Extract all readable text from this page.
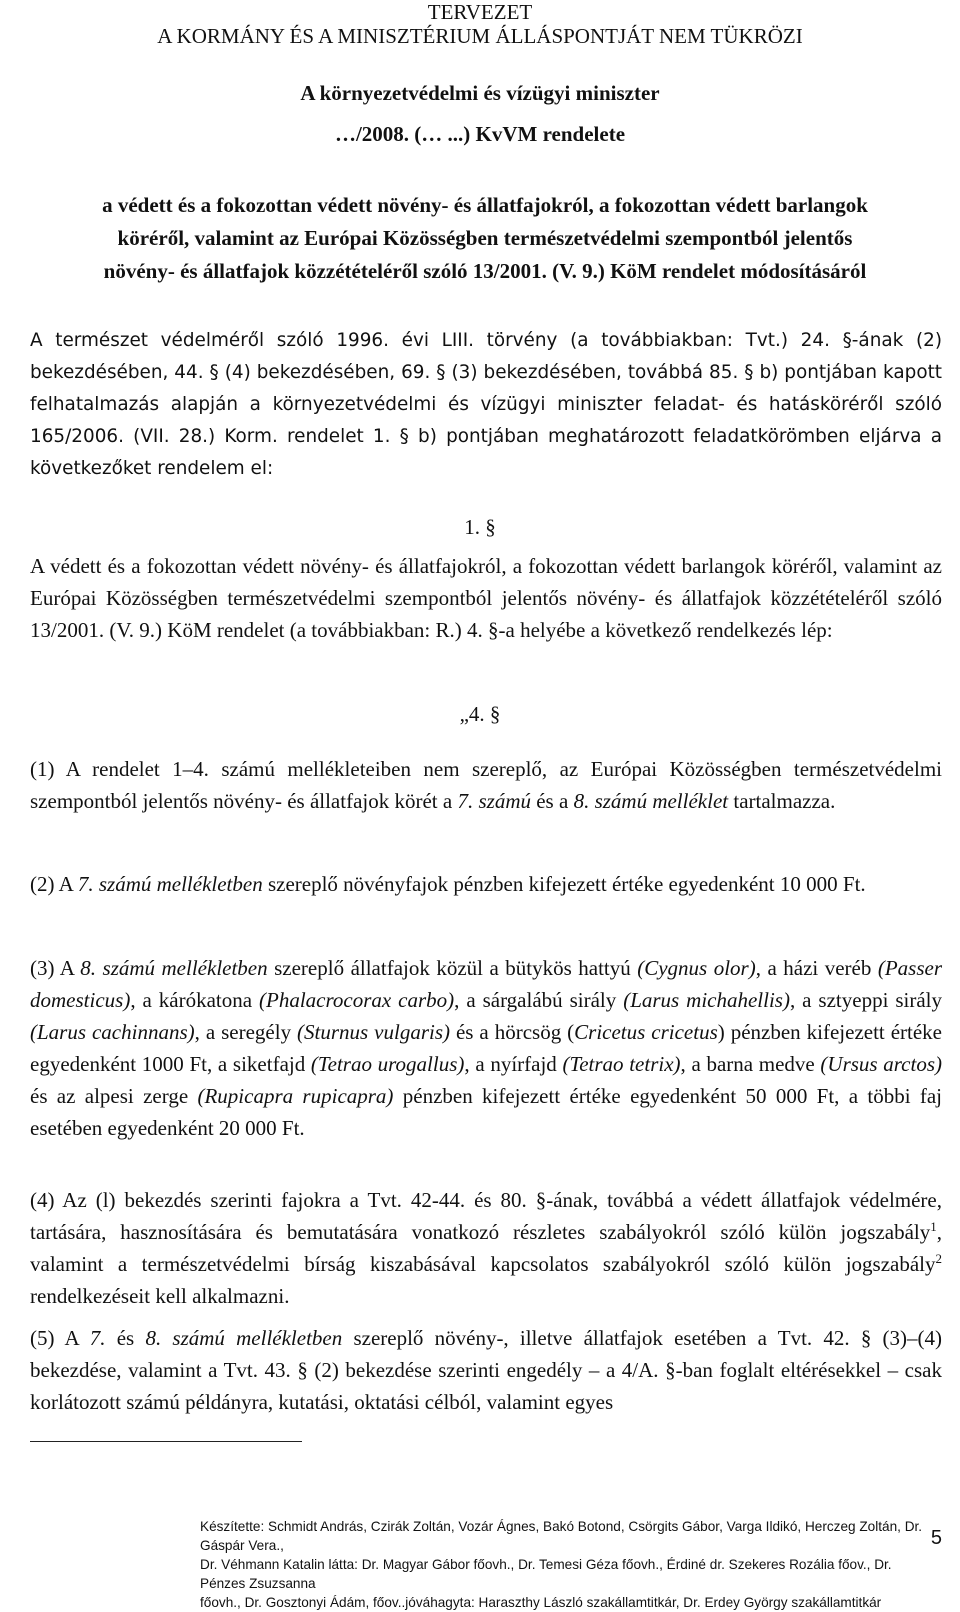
TERVEZET
A KORMÁNY ÉS A MINISZTÉRIUM ÁLLÁSPONTJÁT NEM TÜKRÖZI
A környezetvédelmi és vízügyi miniszter
…/2008. (… ...) KvVM rendelete
a védett és a fokozottan védett növény- és állatfajokról, a fokozottan védett barlangok
köréről, valamint az Európai Közösségben természetvédelmi szempontból jelentős
növény- és állatfajok közzétételéről szóló 13/2001. (V. 9.) KöM rendelet módosításáról

A természet védelméről szóló 1996. évi LIII. törvény (a továbbiakban: Tvt.) 24. §-ának (2) bekezdésében, 44. § (4) bekezdésében, 69. § (3) bekezdésében, továbbá 85. § b) pontjában kapott felhatalmazás alapján a környezetvédelmi és vízügyi miniszter feladat- és hatásköréről szóló 165/2006. (VII. 28.) Korm. rendelet 1. § b) pontjában meghatározott feladatkörömben eljárva a következőket rendelem el:

1. §

A védett és a fokozottan védett növény- és állatfajokról, a fokozottan védett barlangok köréről, valamint az Európai Közösségben természetvédelmi szempontból jelentős növény- és állatfajok közzétételéről szóló 13/2001. (V. 9.) KöM rendelet (a továbbiakban: R.) 4. §-a helyébe a következő rendelkezés lép:

„4. §

(1) A rendelet 1–4. számú mellékleteiben nem szereplő, az Európai Közösségben természetvédelmi szempontból jelentős növény- és állatfajok körét a 7. számú és a 8. számú melléklet tartalmazza.

(2) A 7. számú mellékletben szereplő növényfajok pénzben kifejezett értéke egyedenként 10 000 Ft.

(3) A 8. számú mellékletben szereplő állatfajok közül a bütykös hattyú (Cygnus olor), a házi veréb (Passer domesticus), a kárókatona (Phalacrocorax carbo), a sárgalábú sirály (Larus michahellis), a sztyeppi sirály (Larus cachinnans), a seregély (Sturnus vulgaris) és a hörcsög (Cricetus cricetus) pénzben kifejezett értéke egyedenként 1000 Ft, a siketfajd (Tetrao urogallus), a nyírfajd (Tetrao tetrix), a barna medve (Ursus arctos) és az alpesi zerge (Rupicapra rupicapra) pénzben kifejezett értéke egyedenként 50 000 Ft, a többi faj esetében egyedenként 20 000 Ft.

(4) Az (l) bekezdés szerinti fajokra a Tvt. 42-44. és 80. §-ának, továbbá a védett állatfajok védelmére, tartására, hasznosítására és bemutatására vonatkozó részletes szabályokról szóló külön jogszabály$^1$, valamint a természetvédelmi bírság kiszabásával kapcsolatos szabályokról szóló külön jogszabály$^2$ rendelkezéseit kell alkalmazni.

(5) A 7. és 8. számú mellékletben szereplő növény-, illetve állatfajok esetében a Tvt. 42. § (3)–(4) bekezdése, valamint a Tvt. 43. § (2) bekezdése szerinti engedély – a 4/A. §-ban foglalt eltérésekkel – csak korlátozott számú példányra, kutatási, oktatási célból, valamint egyes

Készítette: Schmidt András, Czirák Zoltán, Vozár Ágnes, Bakó Botond, Csörgits Gábor, Varga Ildikó, Herczeg Zoltán, Dr. Gáspár Vera.,
Dr. Véhmann Katalin látta: Dr. Magyar Gábor főovh., Dr. Temesi Géza főovh., Érdiné dr. Szekeres Rozália főov., Dr. Pénzes Zsuzsanna
főovh., Dr. Gosztonyi Ádám, főov..jóváhagyta: Haraszthy László szakállamtitkár, Dr. Erdey György szakállamtitkár
5
